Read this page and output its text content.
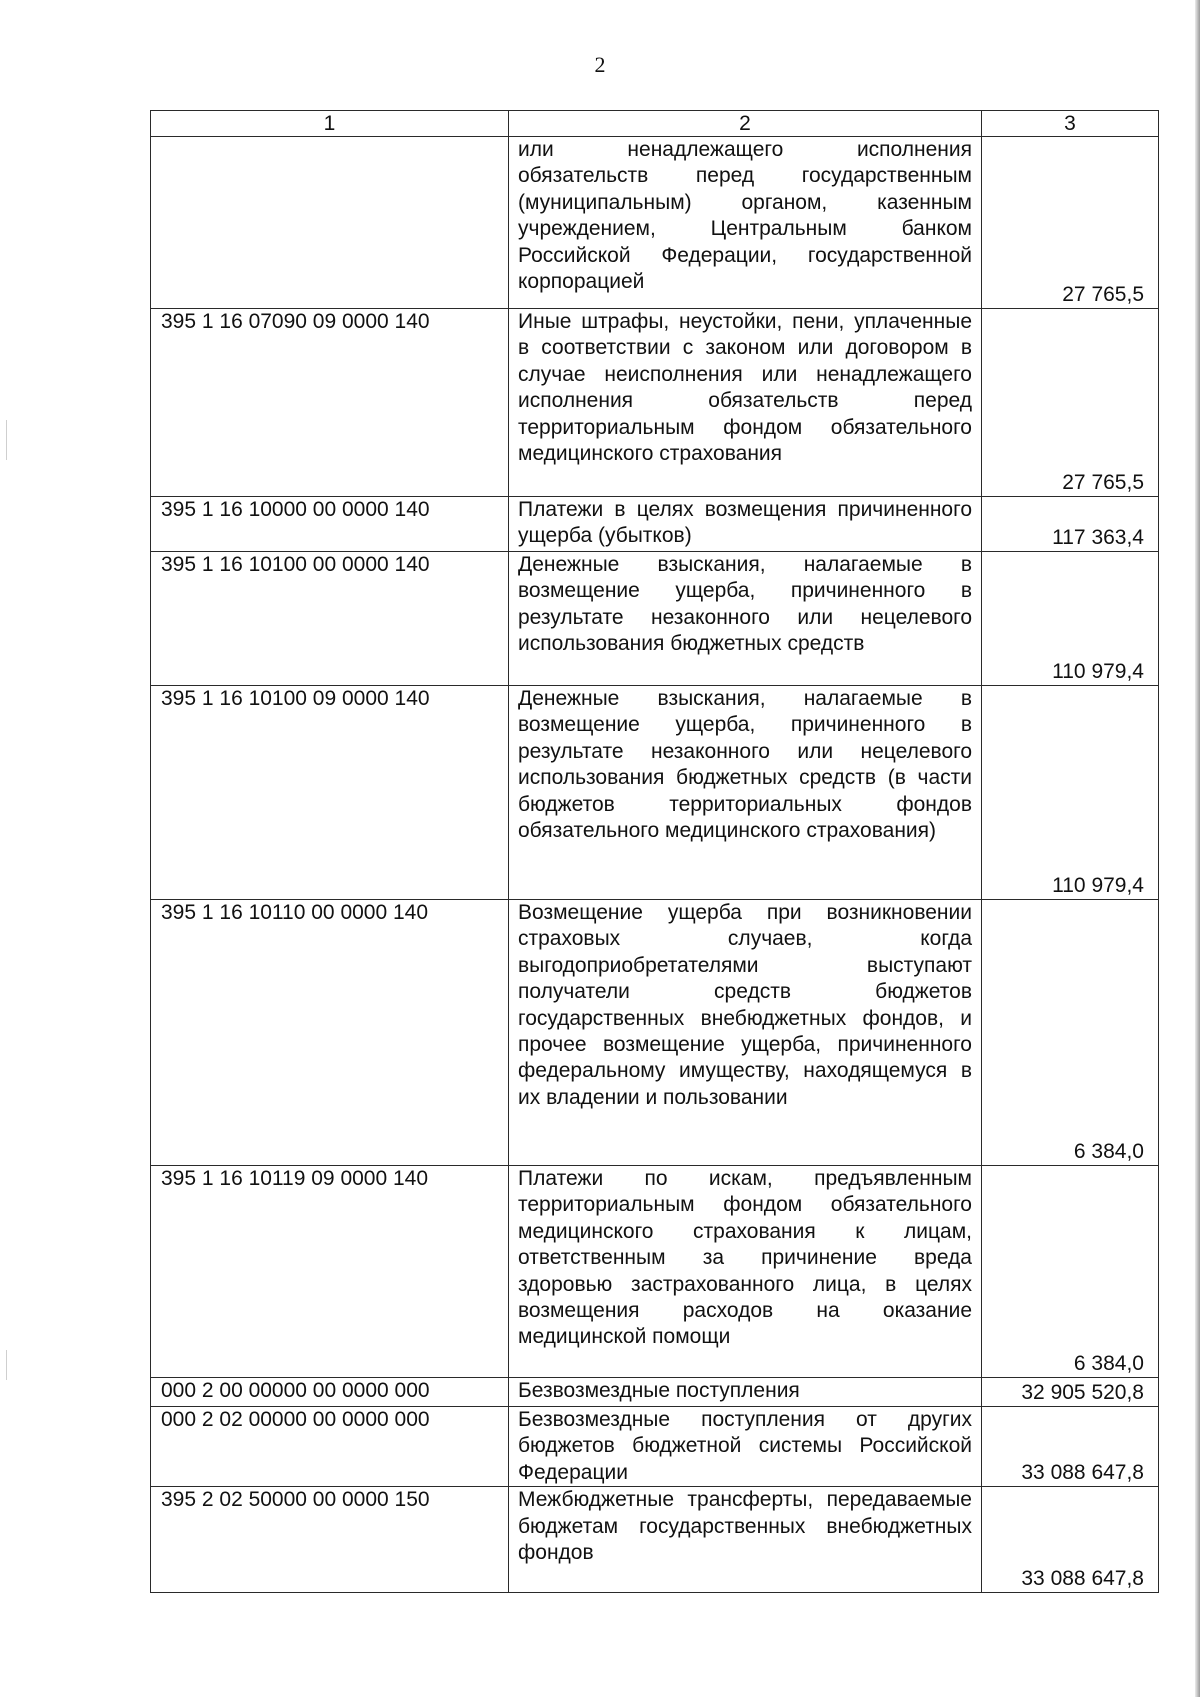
2
1	2	3
	или ненадлежащего исполнения обязательств перед государственным (муниципальным) органом, казенным учреждением, Центральным банком Российской Федерации, государственной корпорацией	27 765,5
395 1 16 07090 09 0000 140	Иные штрафы, неустойки, пени, уплаченные в соответствии с законом или договором в случае неисполнения или ненадлежащего исполнения обязательств перед территориальным фондом обязательного медицинского страхования	27 765,5
395 1 16 10000 00 0000 140	Платежи в целях возмещения причиненного ущерба (убытков)	117 363,4
395 1 16 10100 00 0000 140	Денежные взыскания, налагаемые в возмещение ущерба, причиненного в результате незаконного или нецелевого использования бюджетных средств	110 979,4
395 1 16 10100 09 0000 140	Денежные взыскания, налагаемые в возмещение ущерба, причиненного в результате незаконного или нецелевого использования бюджетных средств (в части бюджетов территориальных фондов обязательного медицинского страхования)	110 979,4
395 1 16 10110 00 0000 140	Возмещение ущерба при возникновении страховых случаев, когда выгодоприобретателями выступают получатели средств бюджетов государственных внебюджетных фондов, и прочее возмещение ущерба, причиненного федеральному имуществу, находящемуся в их владении и пользовании	6 384,0
395 1 16 10119 09 0000 140	Платежи по искам, предъявленным территориальным фондом обязательного медицинского страхования к лицам, ответственным за причинение вреда здоровью застрахованного лица, в целях возмещения расходов на оказание медицинской помощи	6 384,0
000 2 00 00000 00 0000 000	Безвозмездные поступления	32 905 520,8
000 2 02 00000 00 0000 000	Безвозмездные поступления от других бюджетов бюджетной системы Российской Федерации	33 088 647,8
395 2 02 50000 00 0000 150	Межбюджетные трансферты, передаваемые бюджетам государственных внебюджетных фондов	33 088 647,8
